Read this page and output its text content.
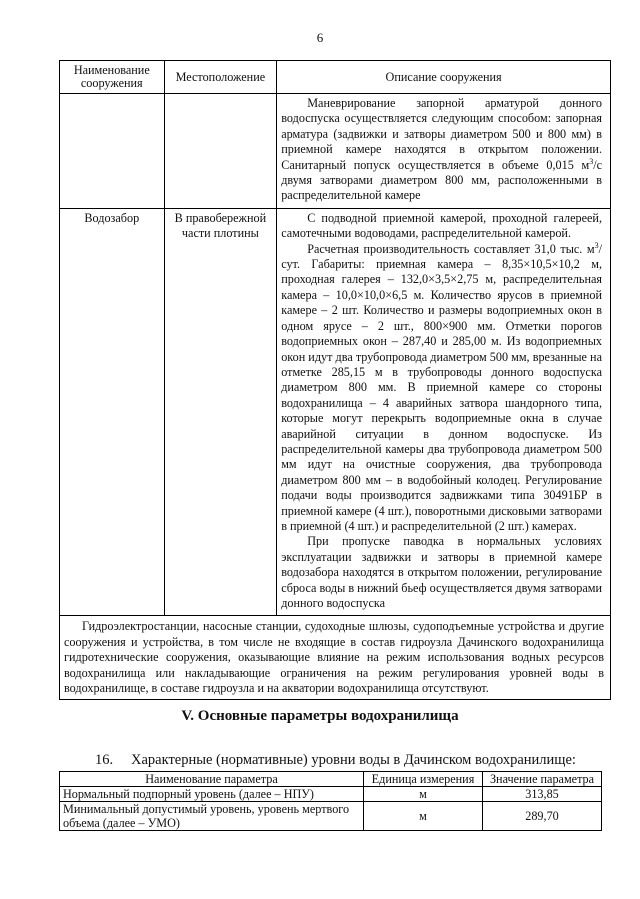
6
Наименование сооружения	Местоположение	Описание сооружения

		Маневрирование запорной арматурой донного водоспуска осуществляется следующим способом: запорная арматура (задвижки и затворы диаметром 500 и 800 мм) в приемной камере находятся в открытом положении. Санитарный попуск осуществляется в объеме 0,015 $м^3/с$ двумя затворами диаметром 800 мм, расположенными в распределительной камере

Водозабор	В правобережной части плотины	С подводной приемной камерой, проходной галереей, самотечными водоводами, распределительной камерой.

Расчетная производительность составляет 31,0 тыс. $м^3$/сут. Габариты: приемная камера – 8,35×10,5×10,2 м, проходная галерея – 132,0×3,5×2,75 м, распределительная камера – 10,0×10,0×6,5 м. Количество ярусов в приемной камере – 2 шт. Количество и размеры водоприемных окон в одном ярусе – 2 шт., 800×900 мм. Отметки порогов водоприемных окон – 287,40 и 285,00 м. Из водоприемных окон идут два трубопровода диаметром 500 мм, врезанные на отметке 285,15 м в трубопроводы донного водоспуска диаметром 800 мм. В приемной камере со стороны водохранилища – 4 аварийных затвора шандорного типа, которые могут перекрыть водоприемные окна в случае аварийной ситуации в донном водоспуске. Из распределительной камеры два трубопровода диаметром 500 мм идут на очистные сооружения, два трубопровода диаметром 800 мм – в водобойный колодец. Регулирование подачи воды производится задвижками типа 30491БР в приемной камере (4 шт.), поворотными дисковыми затворами в приемной (4 шт.) и распределительной (2 шт.) камерах.

При пропуске паводка в нормальных условиях эксплуатации задвижки и затворы в приемной камере водозабора находятся в открытом положении, регулирование сброса воды в нижний бьеф осуществляется двумя затворами донного водоспуска

Гидроэлектростанции, насосные станции, судоходные шлюзы, судоподъемные устройства и другие сооружения и устройства, в том числе не входящие в состав гидроузла Дачинского водохранилища гидротехнические сооружения, оказывающие влияние на режим использования водных ресурсов водохранилища или накладывающие ограничения на режим регулирования уровней воды в водохранилище, в составе гидроузла и на акватории водохранилища отсутствуют.		

V. Основные параметры водохранилища

16. Характерные (нормативные) уровни воды в Дачинском водохранилище:

Наименование параметра	Единица измерения	Значение параметра
Нормальный подпорный уровень (далее – НПУ)	м	313,85
Минимальный допустимый уровень, уровень мертвого объема (далее – УМО)	м	289,70
